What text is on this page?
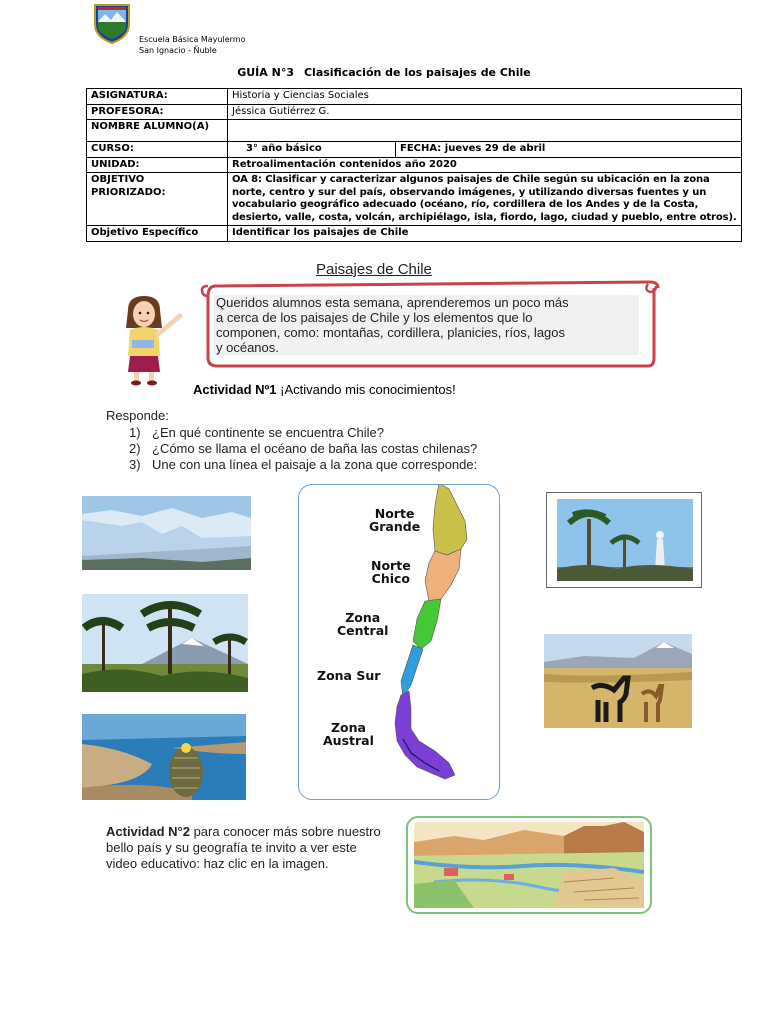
Escuela Básica Mayulermo
San Ignacio - Ñuble
GUÍA N°3 Clasificación de los paisajes de Chile
ASIGNATURA:	Historia y Ciencias Sociales	
PROFESORA:	Jéssica Gutiérrez G.	
NOMBRE ALUMNO(A)		
CURSO:	3° año básico	FECHA: jueves 29 de abril
UNIDAD:	Retroalimentación contenidos año 2020	

OBJETIVO
PRIORIZADO:	OA 8: Clasificar y caracterizar algunos paisajes de Chile según su ubicación en la zona norte, centro y sur del país, observando imágenes, y utilizando diversas fuentes y un vocabulario geográfico adecuado (océano, río, cordillera de los Andes y de la Costa, desierto, valle, costa, volcán, archipiélago, isla, fiordo, lago, ciudad y pueblo, entre otros).	
Objetivo Específico	Identificar los paisajes de Chile	
Paisajes de Chile
Queridos alumnos esta semana, aprenderemos un poco más
a cerca de los paisajes de Chile y los elementos que lo
componen, como: montañas, cordillera, planicies, ríos, lagos
y océanos.
Actividad Nº1 ¡Activando mis conocimientos!
Responde:
1) ¿En qué continente se encuentra Chile?
2) ¿Cómo se llama el océano de baña las costas chilenas?
3) Une con una línea el paisaje a la zona que corresponde:
Norte
Grande
Norte
Chico
Zona
Central
Zona Sur
Zona
Austral
Actividad N°2 para conocer más sobre nuestro bello país y su geografía te invito a ver este video educativo: haz clic en la imagen.
